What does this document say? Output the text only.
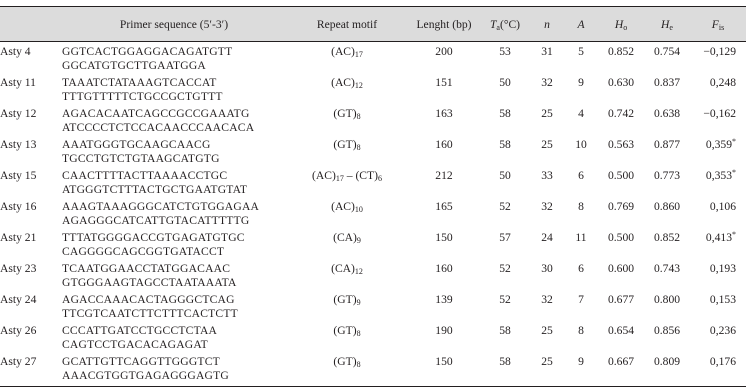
	Primer sequence (5′-3′)	Repeat motif	Lenght (bp)	$T_a(^\circ C)$	n	A	$H_o$	$H_e$	$F_{is}$
Asty 4	GGTCACTGGAGGACAGATGTT	$(AC)_{17}$	200	53	31	5	0.852	0.754	−0,129
	GGCATGTGCTTGAATGGA								
Asty 11	TAAATCTATAAAGTCACCAT	$(AC)_{12}$	151	50	32	9	0.630	0.837	0,248
	TTTGTTTTTCTGCCGCTGTTT								
Asty 12	AGACACAATCAGCCGCCGAAATG	$(GT)_8$	163	58	25	4	0.742	0.638	−0,162
	ATCCCCTCTCCACAACCCAACACA								
Asty 13	AAATGGGTGCAAGCAACG	$(GT)_8$	160	58	25	10	0.563	0.877	0,359*
	TGCCTGTCTGTAAGCATGTG								
Asty 15	CAACTTTTACTTAAAACCTGC	$(AC)_{17} - (CT)_6$	212	50	33	6	0.500	0.773	0,353*
	ATGGGTCTTTACTGCTGAATGTAT								
Asty 16	AAAGTAAAGGGCATCTGTGGAGAA	$(AC)_{10}$	165	52	32	8	0.769	0.860	0,106
	AGAGGGCATCATTGTACATTTTTG								
Asty 21	TTTATGGGGACCGTGAGATGTGC	$(CA)_9$	150	57	24	11	0.500	0.852	0,413*
	CAGGGGCAGCGGTGATACCT								
Asty 23	TCAATGGAACCTATGGACAAC	$(CA)_{12}$	160	52	30	6	0.600	0.743	0,193
	GTGGGAAGTAGCCTAATAAATA								
Asty 24	AGACCAAACACTAGGGCTCAG	$(GT)_9$	139	52	32	7	0.677	0.800	0,153
	TTCGTCAATCTTCTTTCACTCTT								
Asty 26	CCCATTGATCCTGCCTCTAA	$(GT)_8$	190	58	25	8	0.654	0.856	0,236
	CAGTCCTGACACAGAGAT								
Asty 27	GCATTGTTCAGGTTGGGTCT	$(GT)_8$	150	58	25	9	0.667	0.809	0,176
	AAACGTGGTGAGAGGGAGTG								
